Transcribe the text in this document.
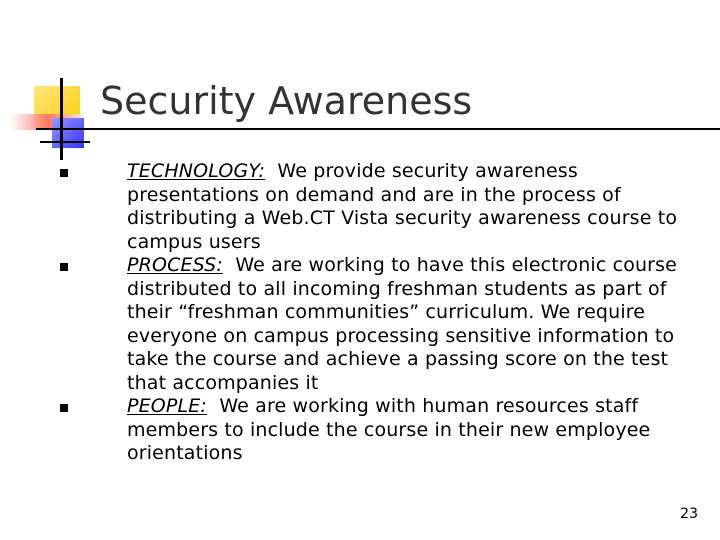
Security Awareness
TECHNOLOGY: We provide security awareness presentations on demand and are in the process of distributing a Web.CT Vista security awareness course to campus users
PROCESS: We are working to have this electronic course distributed to all incoming freshman students as part of their “freshman communities” curriculum. We require everyone on campus processing sensitive information to take the course and achieve a passing score on the test that accompanies it
PEOPLE: We are working with human resources staff members to include the course in their new employee orientations
23
